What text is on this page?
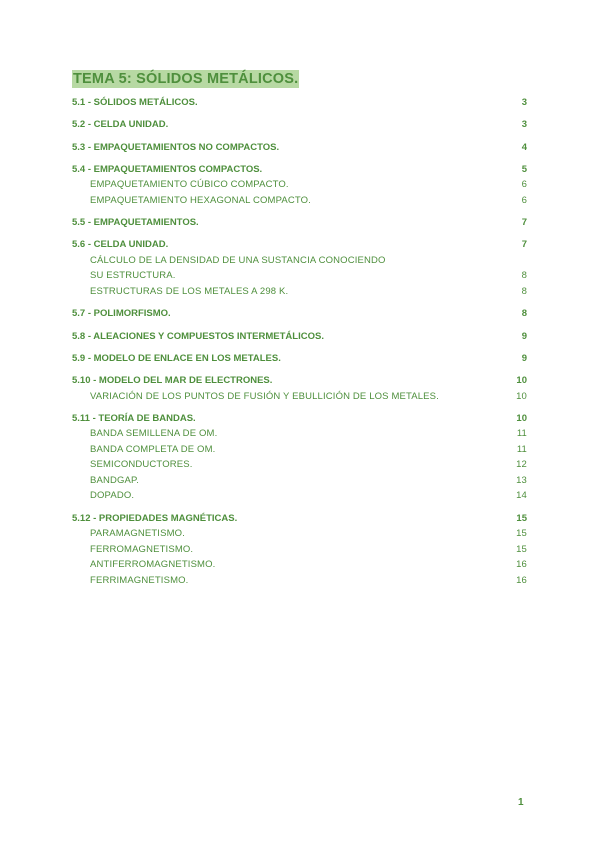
TEMA 5: SÓLIDOS METÁLICOS.
5.1 - SÓLIDOS METÁLICOS.	3
5.2 - CELDA UNIDAD.	3
5.3 - EMPAQUETAMIENTOS NO COMPACTOS.	4
5.4 - EMPAQUETAMIENTOS COMPACTOS.	5
EMPAQUETAMIENTO CÚBICO COMPACTO.	6
EMPAQUETAMIENTO HEXAGONAL COMPACTO.	6
5.5 - EMPAQUETAMIENTOS.	7
5.6 - CELDA UNIDAD.	7
CÁLCULO DE LA DENSIDAD DE UNA SUSTANCIA CONOCIENDO
SU ESTRUCTURA.	8
ESTRUCTURAS DE LOS METALES A 298 K.	8
5.7 - POLIMORFISMO.	8
5.8 - ALEACIONES Y COMPUESTOS INTERMETÁLICOS.	9
5.9 - MODELO DE ENLACE EN LOS METALES.	9
5.10 - MODELO DEL MAR DE ELECTRONES.	10
VARIACIÓN DE LOS PUNTOS DE FUSIÓN Y EBULLICIÓN DE LOS METALES.	10
5.11 - TEORÍA DE BANDAS.	10
BANDA SEMILLENA DE OM.	11
BANDA COMPLETA DE OM.	11
SEMICONDUCTORES.	12
BANDGAP.	13
DOPADO.	14
5.12 - PROPIEDADES MAGNÉTICAS.	15
PARAMAGNETISMO.	15
FERROMAGNETISMO.	15
ANTIFERROMAGNETISMO.	16
FERRIMAGNETISMO.	16
1
